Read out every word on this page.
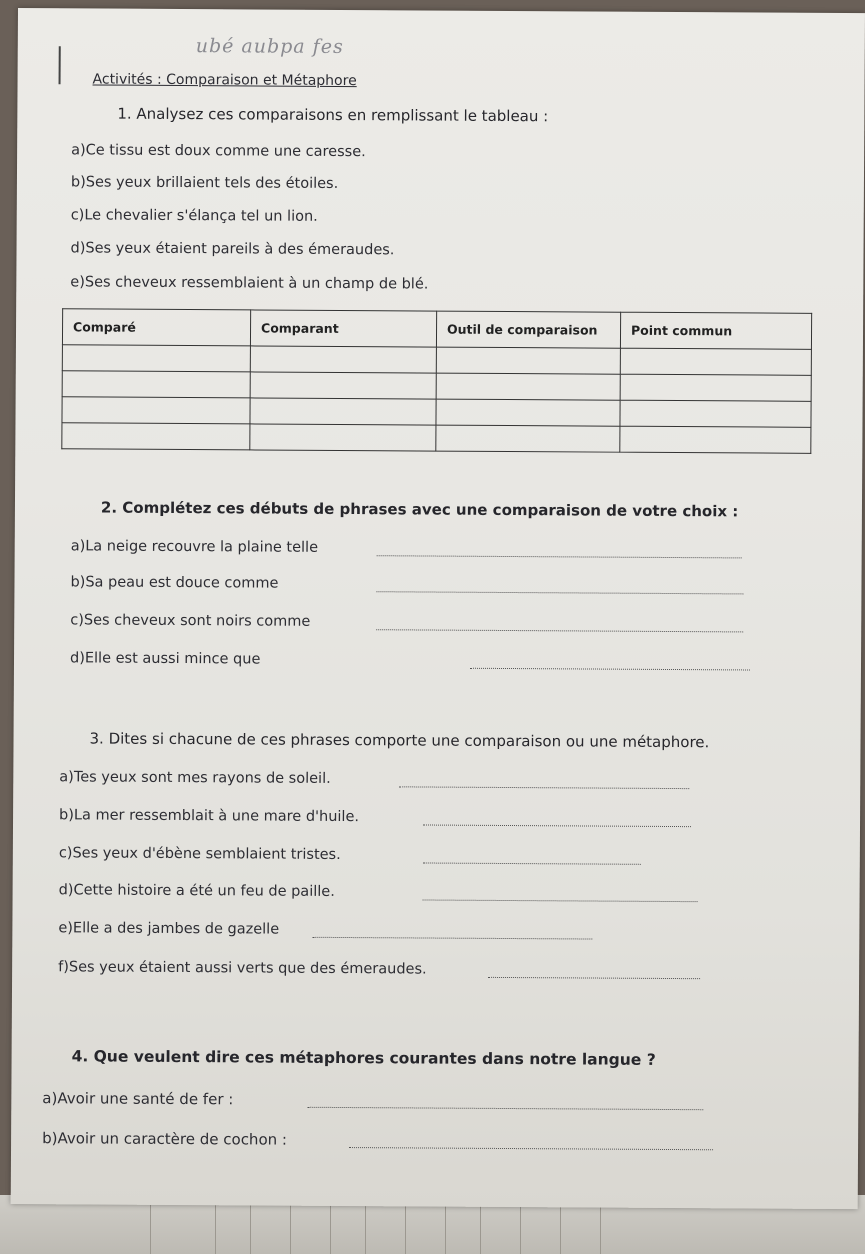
ubé aubpa fes
Activités : Comparaison et Métaphore
1. Analysez ces comparaisons en remplissant le tableau :
a)Ce tissu est doux comme une caresse.
b)Ses yeux brillaient tels des étoiles.
c)Le chevalier s'élança tel un lion.
d)Ses yeux étaient pareils à des émeraudes.
e)Ses cheveux ressemblaient à un champ de blé.
Comparé	Comparant	Outil de comparaison	Point commun

2. Complétez ces débuts de phrases avec une comparaison de votre choix :
a)La neige recouvre la plaine telle
b)Sa peau est douce comme
c)Ses cheveux sont noirs comme
d)Elle est aussi mince que
3. Dites si chacune de ces phrases comporte une comparaison ou une métaphore.
a)Tes yeux sont mes rayons de soleil.
b)La mer ressemblait à une mare d'huile.
c)Ses yeux d'ébène semblaient tristes.
d)Cette histoire a été un feu de paille.
e)Elle a des jambes de gazelle
f)Ses yeux étaient aussi verts que des émeraudes.
4. Que veulent dire ces métaphores courantes dans notre langue ?
a)Avoir une santé de fer :
b)Avoir un caractère de cochon :
